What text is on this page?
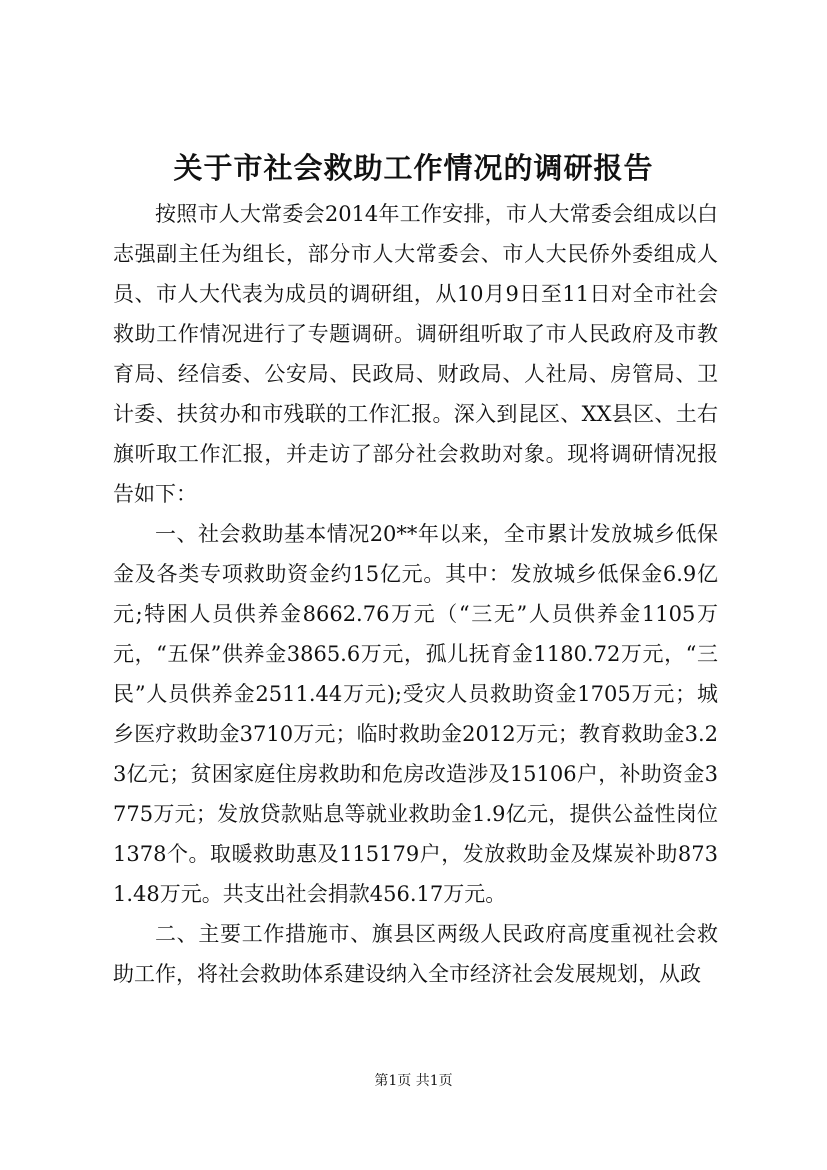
关于市社会救助工作情况的调研报告

按照市人大常委会2014年工作安排，市人大常委会组成以白志强副主任为组长，部分市人大常委会、市人大民侨外委组成人员、市人大代表为成员的调研组，从10月9日至11日对全市社会救助工作情况进行了专题调研。调研组听取了市人民政府及市教育局、经信委、公安局、民政局、财政局、人社局、房管局、卫计委、扶贫办和市残联的工作汇报。深入到昆区、XX县区、土右旗听取工作汇报，并走访了部分社会救助对象。现将调研情况报告如下：

一、社会救助基本情况20**年以来，全市累计发放城乡低保金及各类专项救助资金约15亿元。其中：发放城乡低保金6.9亿元;特困人员供养金8662.76万元（“三无”人员供养金1105万元，“五保”供养金3865.6万元，孤儿抚育金1180.72万元，“三民”人员供养金2511.44万元);受灾人员救助资金1705万元；城乡医疗救助金3710万元；临时救助金2012万元；教育救助金3.23亿元；贫困家庭住房救助和危房改造涉及15106户，补助资金3775万元；发放贷款贴息等就业救助金1.9亿元，提供公益性岗位1378个。取暖救助惠及115179户，发放救助金及煤炭补助8731.48万元。共支出社会捐款456.17万元。

二、主要工作措施市、旗县区两级人民政府高度重视社会救助工作，将社会救助体系建设纳入全市经济社会发展规划，从政

第1页 共1页
